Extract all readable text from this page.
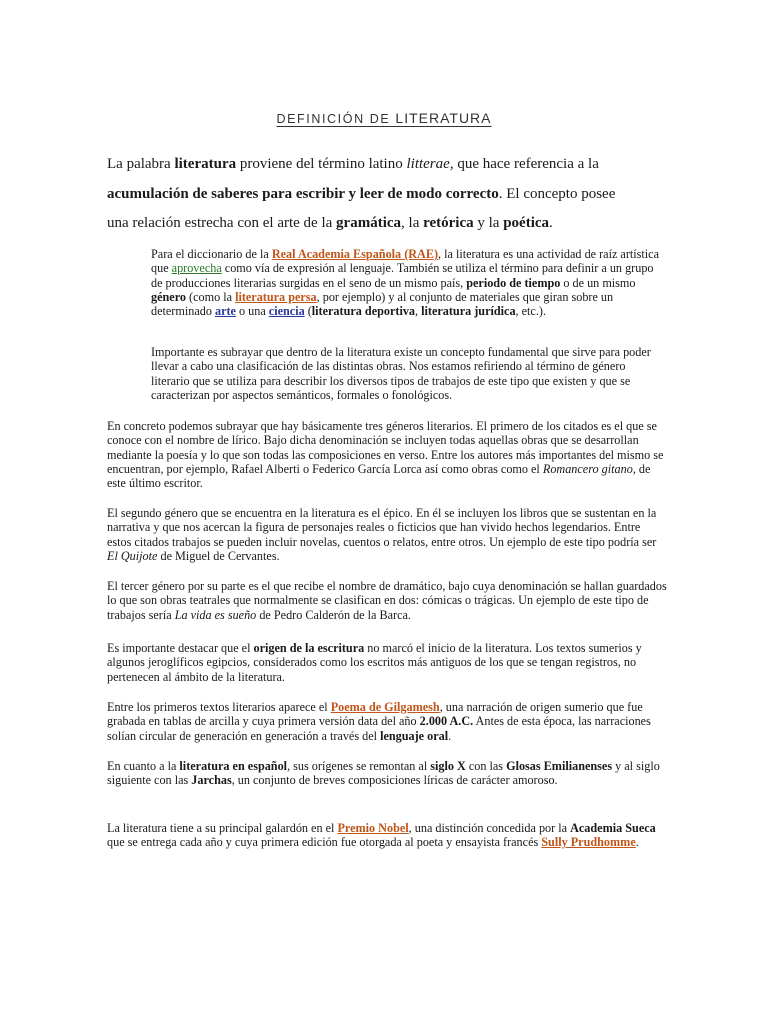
DEFINICIÓN DE LITERATURA

La palabra literatura proviene del término latino litterae, que hace referencia a la
acumulación de saberes para escribir y leer de modo correcto. El concepto posee
una relación estrecha con el arte de la gramática, la retórica y la poética.

Para el diccionario de la Real Academia Española (RAE), la literatura es una actividad de raíz artística que aprovecha como vía de expresión al lenguaje. También se utiliza el término para definir a un grupo de producciones literarias surgidas en el seno de un mismo país, periodo de tiempo o de un mismo género (como la literatura persa, por ejemplo) y al conjunto de materiales que giran sobre un determinado arte o una ciencia (literatura deportiva, literatura jurídica, etc.).

Importante es subrayar que dentro de la literatura existe un concepto fundamental que sirve para poder llevar a cabo una clasificación de las distintas obras. Nos estamos refiriendo al término de género literario que se utiliza para describir los diversos tipos de trabajos de este tipo que existen y que se caracterizan por aspectos semánticos, formales o fonológicos.

En concreto podemos subrayar que hay básicamente tres géneros literarios. El primero de los citados es el que se conoce con el nombre de lírico. Bajo dicha denominación se incluyen todas aquellas obras que se desarrollan mediante la poesía y lo que son todas las composiciones en verso. Entre los autores más importantes del mismo se encuentran, por ejemplo, Rafael Alberti o Federico García Lorca así como obras como el Romancero gitano, de este último escritor.

El segundo género que se encuentra en la literatura es el épico. En él se incluyen los libros que se sustentan en la narrativa y que nos acercan la figura de personajes reales o ficticios que han vivido hechos legendarios. Entre estos citados trabajos se pueden incluir novelas, cuentos o relatos, entre otros. Un ejemplo de este tipo podría ser El Quijote de Miguel de Cervantes.

El tercer género por su parte es el que recibe el nombre de dramático, bajo cuya denominación se hallan guardados lo que son obras teatrales que normalmente se clasifican en dos: cómicas o trágicas. Un ejemplo de este tipo de trabajos sería La vida es sueño de Pedro Calderón de la Barca.

Es importante destacar que el origen de la escritura no marcó el inicio de la literatura. Los textos sumerios y algunos jeroglíficos egipcios, considerados como los escritos más antiguos de los que se tengan registros, no pertenecen al ámbito de la literatura.

Entre los primeros textos literarios aparece el Poema de Gilgamesh, una narración de origen sumerio que fue grabada en tablas de arcilla y cuya primera versión data del año 2.000 A.C. Antes de esta época, las narraciones solían circular de generación en generación a través del lenguaje oral.

En cuanto a la literatura en español, sus orígenes se remontan al siglo X con las Glosas Emilianenses y al siglo siguiente con las Jarchas, un conjunto de breves composiciones líricas de carácter amoroso.

La literatura tiene a su principal galardón en el Premio Nobel, una distinción concedida por la Academia Sueca que se entrega cada año y cuya primera edición fue otorgada al poeta y ensayista francés Sully Prudhomme.
